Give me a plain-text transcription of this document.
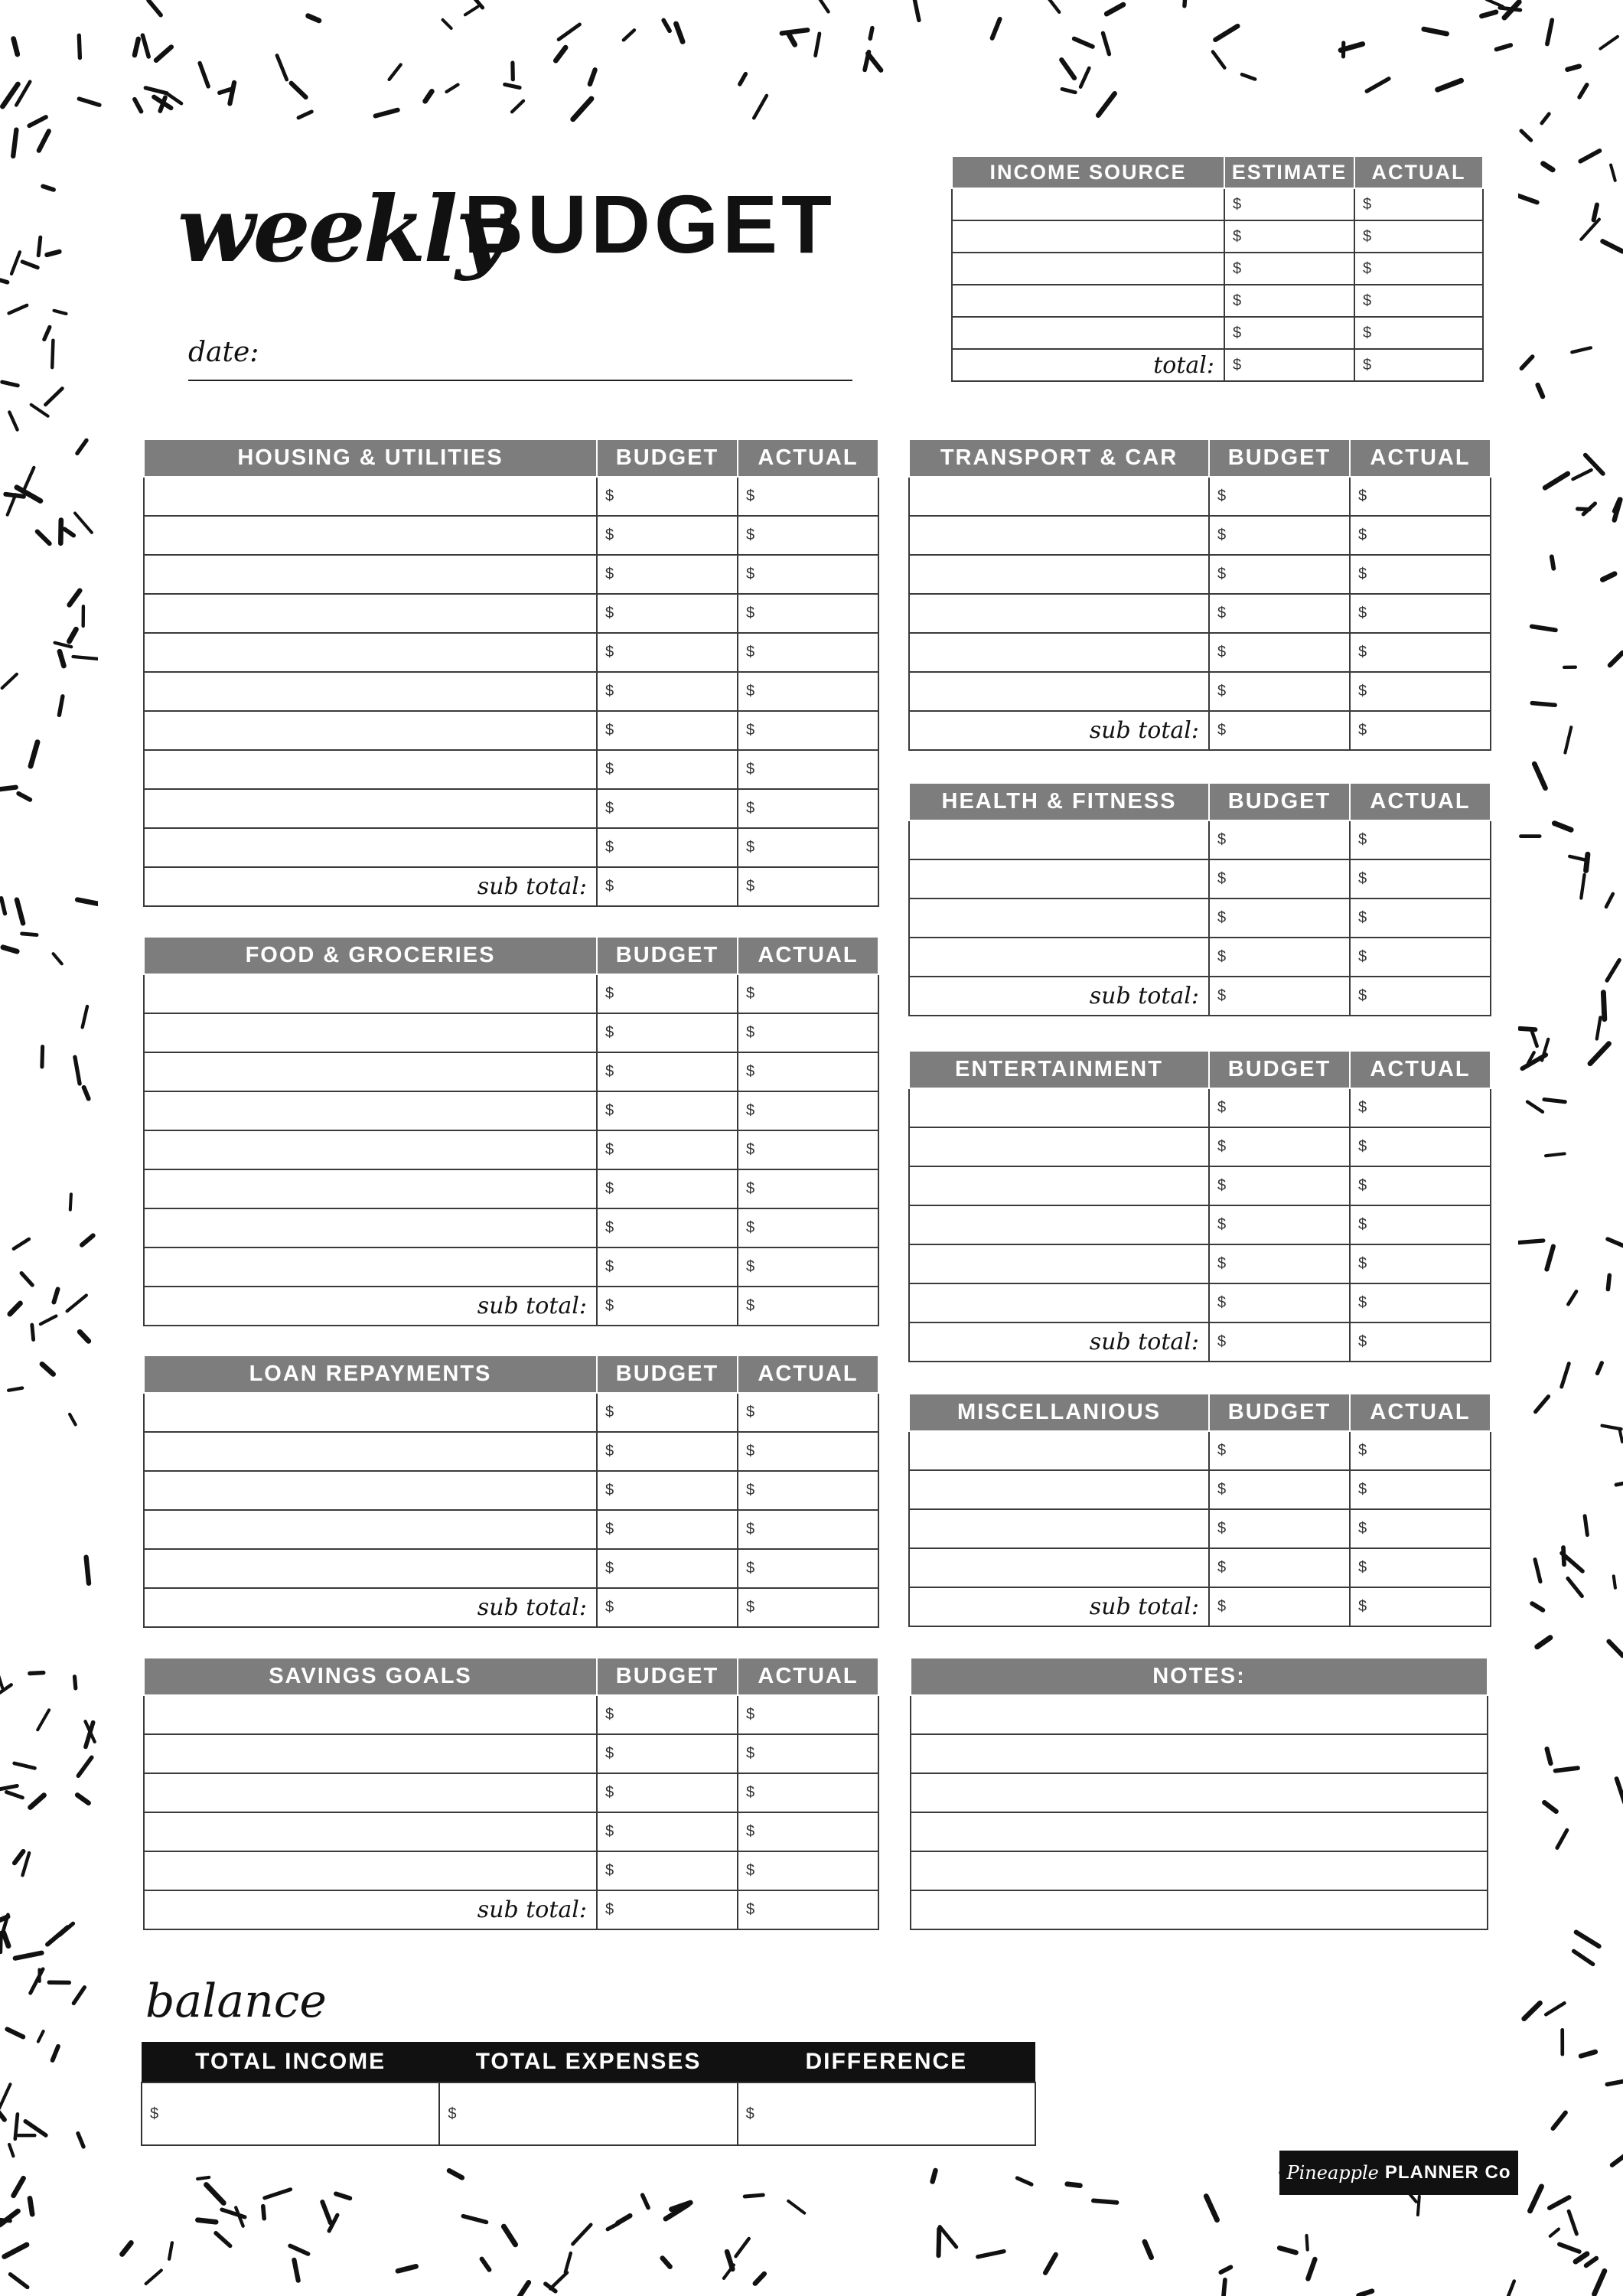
weekly
BUDGET
date:
INCOME SOURCE	ESTIMATE	ACTUAL
	$	$
	$	$
	$	$
	$	$
	$	$
total:	$	$
HOUSING & UTILITIES	BUDGET	ACTUAL
	$	$
	$	$
	$	$
	$	$
	$	$
	$	$
	$	$
	$	$
	$	$
	$	$
sub total:	$	$
FOOD & GROCERIES	BUDGET	ACTUAL
	$	$
	$	$
	$	$
	$	$
	$	$
	$	$
	$	$
	$	$
sub total:	$	$
LOAN REPAYMENTS	BUDGET	ACTUAL
	$	$
	$	$
	$	$
	$	$
	$	$
sub total:	$	$
SAVINGS GOALS	BUDGET	ACTUAL
	$	$
	$	$
	$	$
	$	$
	$	$
sub total:	$	$
TRANSPORT & CAR	BUDGET	ACTUAL
	$	$
	$	$
	$	$
	$	$
	$	$
	$	$
sub total:	$	$
HEALTH & FITNESS	BUDGET	ACTUAL
	$	$
	$	$
	$	$
	$	$
sub total:	$	$
ENTERTAINMENT	BUDGET	ACTUAL
	$	$
	$	$
	$	$
	$	$
	$	$
	$	$
sub total:	$	$
MISCELLANIOUS	BUDGET	ACTUAL
	$	$
	$	$
	$	$
	$	$
sub total:	$	$
NOTES:

balance
TOTAL INCOME	TOTAL EXPENSES	DIFFERENCE
$	$	$
Pineapple PLANNER Co
